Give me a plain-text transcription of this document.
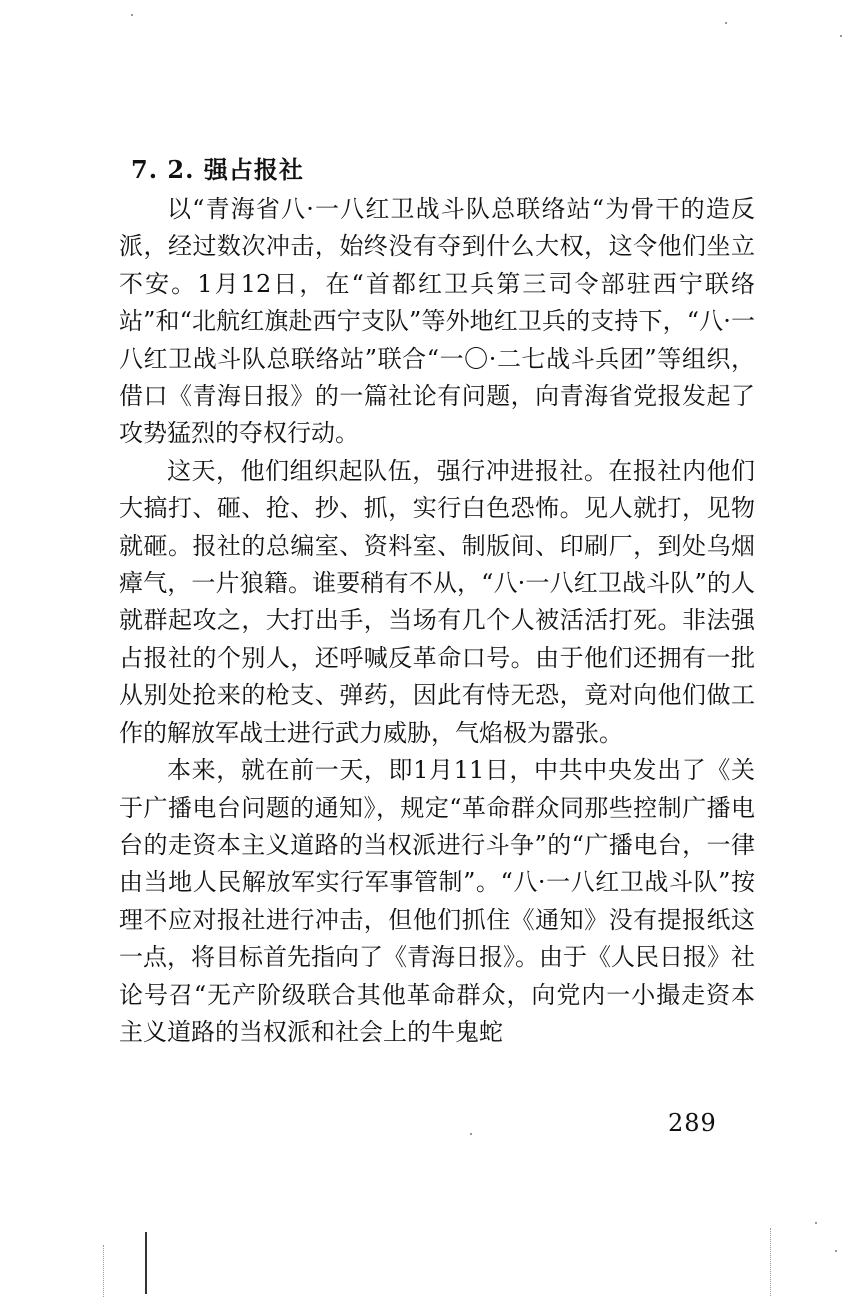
7. 2. 强占报社

以“青海省八·一八红卫战斗队总联络站“为骨干的造反派，经过数次冲击，始终没有夺到什么大权，这令他们坐立不安。1月12日，在“首都红卫兵第三司令部驻西宁联络站”和“北航红旗赴西宁支队”等外地红卫兵的支持下，“八·一八红卫战斗队总联络站”联合“一〇·二七战斗兵团”等组织，借口《青海日报》的一篇社论有问题，向青海省党报发起了攻势猛烈的夺权行动。

这天，他们组织起队伍，强行冲进报社。在报社内他们大搞打、砸、抢、抄、抓，实行白色恐怖。见人就打，见物就砸。报社的总编室、资料室、制版间、印刷厂，到处乌烟瘴气，一片狼籍。谁要稍有不从，“八·一八红卫战斗队”的人就群起攻之，大打出手，当场有几个人被活活打死。非法强占报社的个别人，还呼喊反革命口号。由于他们还拥有一批从别处抢来的枪支、弹药，因此有恃无恐，竟对向他们做工作的解放军战士进行武力威胁，气焰极为嚣张。

本来，就在前一天，即1月11日，中共中央发出了《关于广播电台问题的通知》，规定“革命群众同那些控制广播电台的走资本主义道路的当权派进行斗争”的“广播电台，一律由当地人民解放军实行军事管制”。“八·一八红卫战斗队”按理不应对报社进行冲击，但他们抓住《通知》没有提报纸这一点，将目标首先指向了《青海日报》。由于《人民日报》社论号召“无产阶级联合其他革命群众，向党内一小撮走资本主义道路的当权派和社会上的牛鬼蛇

289
